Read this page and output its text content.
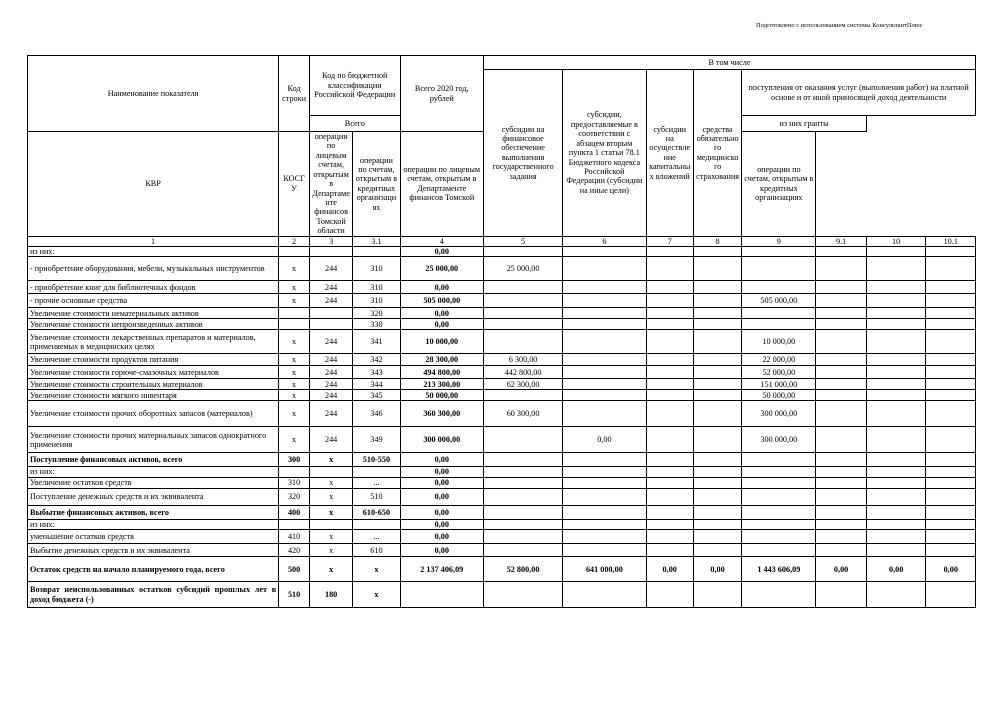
Подготовлено с использованием системы КонсультантПлюс
Наименование показателя	Код строки	Код по бюджетной классификации Российской Федерации		Всего 2020 год, рублей	В том числе							
					субсидии на финансовое обеспечение выполнения государственного задания	субсидии, предоставляемые в соответствии с абзацем вторым пункта 1 статьи 78.1 Бюджетного кодекса Российской Федерации (субсидии на иные цели)	субсидии на осуществление капитальных вложений	средства обязательного медицинского страхования	поступления от оказания услуг (выполнения работ) на платной основе и от иной приносящей доход деятельности			
		Всего							из них гранты			
КВР	КОСГУ	операции по лицевым счетам, открытым в Департаменте финансов Томской области	операции по счетам, открытым в кредитных организациях	операции по лицевым счетам, открытым в Департаменте финансов Томской					операции по счетам, открытым в кредитных организациях			
1	2	3	3.1	4	5	6	7	8	9	9.1	10	10.1
из них:				0,00								
- приобретение оборудования, мебели, музыкальных инструментов	х	244	310	25 000,00	25 000,00							
- приобретение книг для библиотечных фондов	х	244	310	0,00								
- прочие основные средства	х	244	310	505 000,00					505 000,00			
Увеличение стоимости нематериальных активов			320	0,00								
Увеличение стоимости непроизведенных активов			330	0,00								
Увеличение стоимости лекарственных препаратов и материалов, применяемых в медицинских целях	х	244	341	10 000,00					10 000,00			
Увеличение стоимости продуктов питания	х	244	342	28 300,00	6 300,00				22 000,00			
Увеличение стоимости горюче-смазочных материалов	х	244	343	494 800,00	442 800,00				52 000,00			
Увеличение стоимости строительных материалов	х	244	344	213 300,00	62 300,00				151 000,00			
Увеличение стоимости мягкого инвентаря	х	244	345	50 000,00					50 000,00			
Увеличение стоимости прочих оборотных запасов (материалов)	х	244	346	360 300,00	60 300,00				300 000,00			
Увеличение стоимости прочих материальных запасов однократного применения	х	244	349	300 000,00		0,00			300 000,00			
Поступление финансовых активов, всего	300	х	510-550	0,00								
из них:				0,00								
Увеличение остатков средств	310	х	...	0,00								
Поступление денежных средств и их эквивалента	320	х	510	0,00								
Выбытие финансовых активов, всего	400	х	610-650	0,00								
из них:				0,00								
уменьшение остатков средств	410	х	...	0,00								
Выбытие денежных средств и их эквивалента	420	х	610	0,00								
Остаток средств на начало планируемого года, всего	500	х	х	2 137 406,09	52 800,00	641 000,00	0,00	0,00	1 443 606,09	0,00	0,00	0,00
Возврат неиспользованных остатков субсидий прошлых лет в доход бюджета (-)	510	180	х									
